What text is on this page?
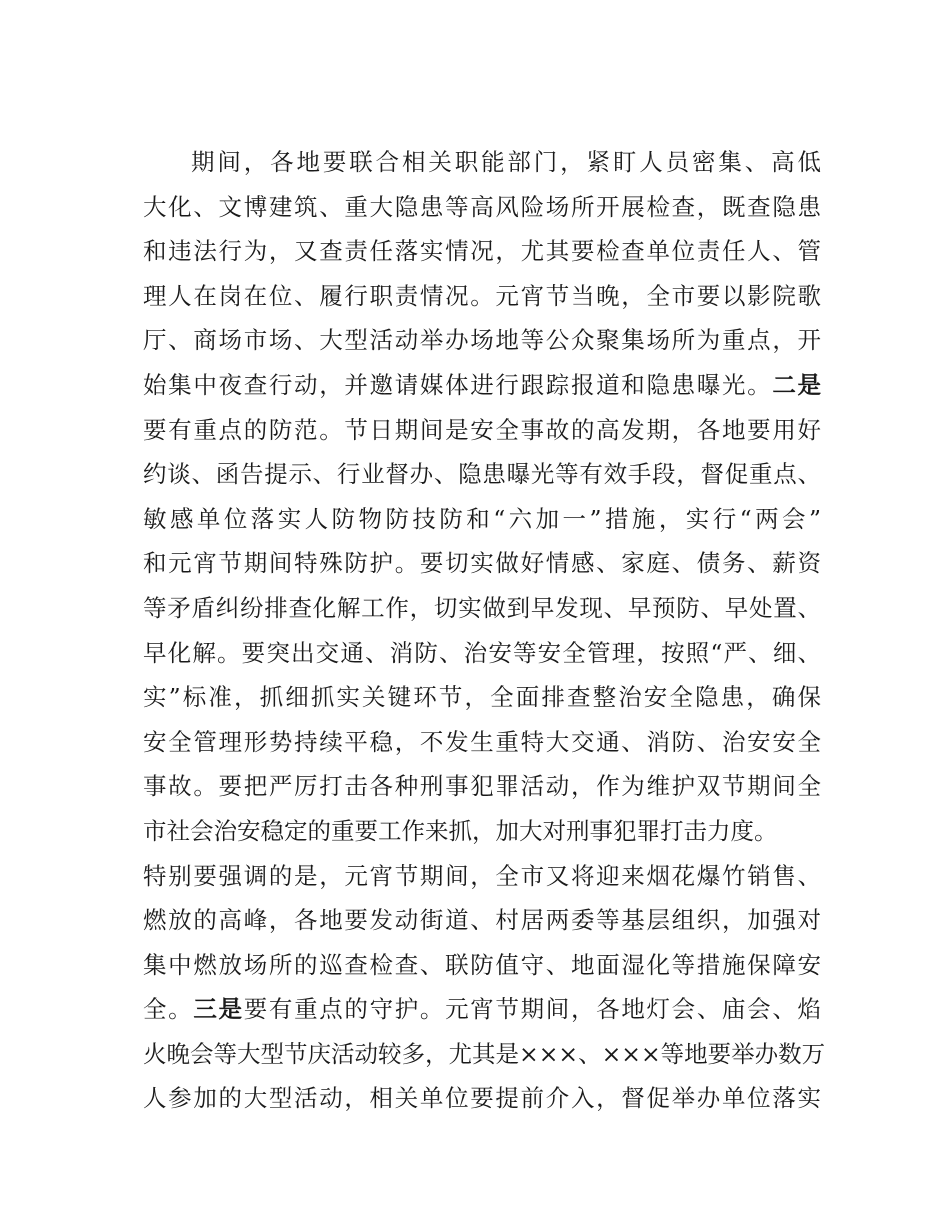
期间，各地要联合相关职能部门，紧盯人员密集、高低
大化、文博建筑、重大隐患等高风险场所开展检查，既查隐患
和违法行为，又查责任落实情况，尤其要检查单位责任人、管
理人在岗在位、履行职责情况。元宵节当晚，全市要以影院歌
厅、商场市场、大型活动举办场地等公众聚集场所为重点，开
始集中夜查行动，并邀请媒体进行跟踪报道和隐患曝光。二是
要有重点的防范。节日期间是安全事故的高发期，各地要用好
约谈、函告提示、行业督办、隐患曝光等有效手段，督促重点、
敏感单位落实人防物防技防和“六加一”措施，实行“两会”
和元宵节期间特殊防护。要切实做好情感、家庭、债务、薪资
等矛盾纠纷排查化解工作，切实做到早发现、早预防、早处置、
早化解。要突出交通、消防、治安等安全管理，按照“严、细、
实”标准，抓细抓实关键环节，全面排查整治安全隐患，确保
安全管理形势持续平稳，不发生重特大交通、消防、治安安全
事故。要把严厉打击各种刑事犯罪活动，作为维护双节期间全
市社会治安稳定的重要工作来抓，加大对刑事犯罪打击力度。
特别要强调的是，元宵节期间，全市又将迎来烟花爆竹销售、
燃放的高峰，各地要发动街道、村居两委等基层组织，加强对
集中燃放场所的巡查检查、联防值守、地面湿化等措施保障安
全。三是要有重点的守护。元宵节期间，各地灯会、庙会、焰
火晚会等大型节庆活动较多，尤其是×××、×××等地要举办数万
人参加的大型活动，相关单位要提前介入，督促举办单位落实
